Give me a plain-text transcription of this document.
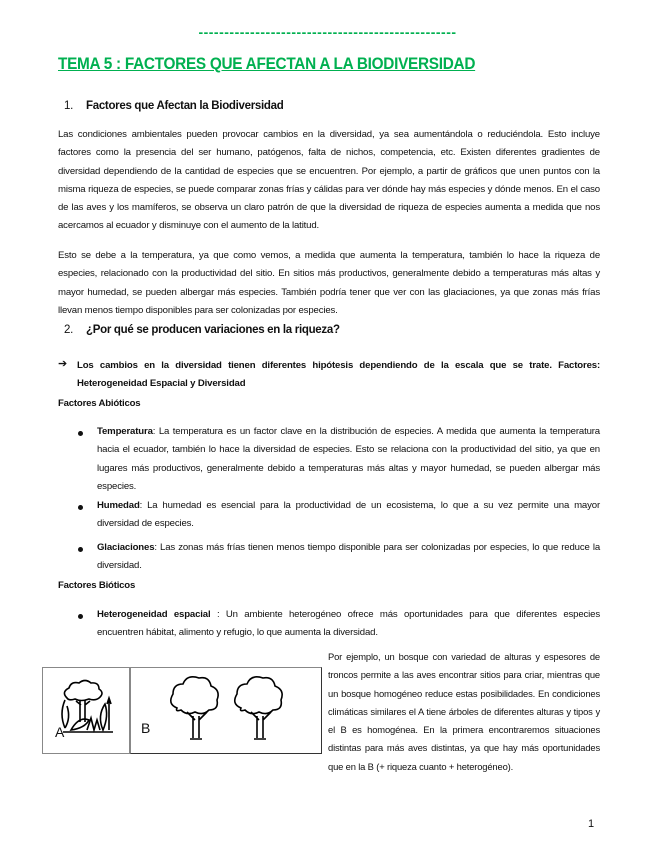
--------------------------------------------------
TEMA 5 : FACTORES QUE AFECTAN A LA BIODIVERSIDAD
1. Factores que Afectan la Biodiversidad
Las condiciones ambientales pueden provocar cambios en la diversidad, ya sea aumentándola o reduciéndola. Esto incluye factores como la presencia del ser humano, patógenos, falta de nichos, competencia, etc. Existen diferentes gradientes de diversidad dependiendo de la cantidad de especies que se encuentren. Por ejemplo, a partir de gráficos que unen puntos con la misma riqueza de especies, se puede comparar zonas frías y cálidas para ver dónde hay más especies y dónde menos. En el caso de las aves y los mamíferos, se observa un claro patrón de que la diversidad de riqueza de especies aumenta a medida que nos acercamos al ecuador y disminuye con el aumento de la latitud.
Esto se debe a la temperatura, ya que como vemos, a medida que aumenta la temperatura, también lo hace la riqueza de especies, relacionado con la productividad del sitio. En sitios más productivos, generalmente debido a temperaturas más altas y mayor humedad, se pueden albergar más especies. También podría tener que ver con las glaciaciones, ya que zonas más frías llevan menos tiempo disponibles para ser colonizadas por especies.
2. ¿Por qué se producen variaciones en la riqueza?
➔ Los cambios en la diversidad tienen diferentes hipótesis dependiendo de la escala que se trate. Factores: Heterogeneidad Espacial y Diversidad
Factores Abióticos
Temperatura: La temperatura es un factor clave en la distribución de especies. A medida que aumenta la temperatura hacia el ecuador, también lo hace la diversidad de especies. Esto se relaciona con la productividad del sitio, ya que en lugares más productivos, generalmente debido a temperaturas más altas y mayor humedad, se pueden albergar más especies.
Humedad: La humedad es esencial para la productividad de un ecosistema, lo que a su vez permite una mayor diversidad de especies.
Glaciaciones: Las zonas más frías tienen menos tiempo disponible para ser colonizadas por especies, lo que reduce la diversidad.
Factores Bióticos
Heterogeneidad espacial : Un ambiente heterogéneo ofrece más oportunidades para que diferentes especies encuentren hábitat, alimento y refugio, lo que aumenta la diversidad.
A	B
Por ejemplo, un bosque con variedad de alturas y espesores de troncos permite a las aves encontrar sitios para criar, mientras que un bosque homogéneo reduce estas posibilidades. En condiciones climáticas similares el A tiene árboles de diferentes alturas y tipos y el B es homogénea. En la primera encontraremos situaciones distintas para más aves distintas, ya que hay más oportunidades que en la B (+ riqueza cuanto + heterogéneo).
1
